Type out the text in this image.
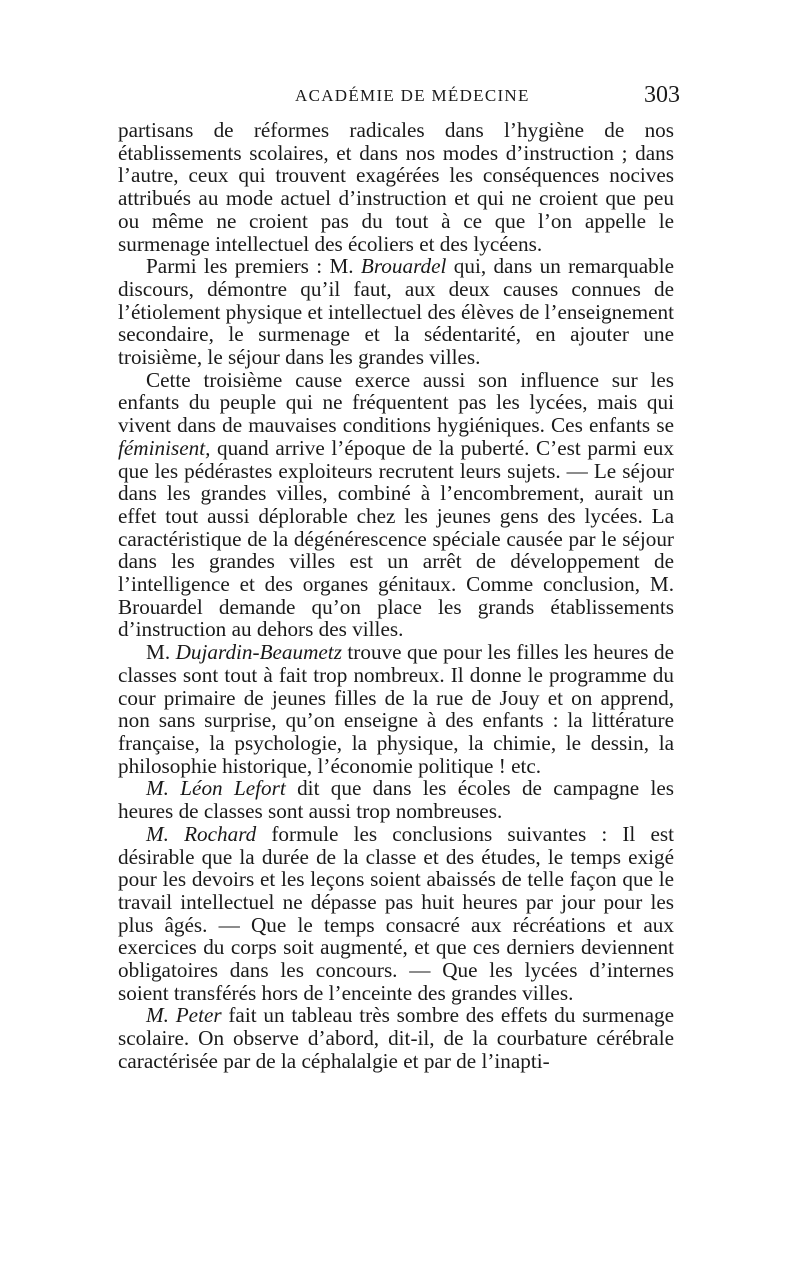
ACADÉMIE DE MÉDECINE	303

partisans de réformes radicales dans l’hygiène de nos établissements scolaires, et dans nos modes d’instruction ; dans l’autre, ceux qui trouvent exagérées les conséquences nocives attribués au mode actuel d’instruction et qui ne croient que peu ou même ne croient pas du tout à ce que l’on appelle le surmenage intellectuel des écoliers et des lycéens.

Parmi les premiers : M. Brouardel qui, dans un remarquable discours, démontre qu’il faut, aux deux causes connues de l’étiolement physique et intellectuel des élèves de l’enseignement secondaire, le surmenage et la sédentarité, en ajouter une troisième, le séjour dans les grandes villes.

Cette troisième cause exerce aussi son influence sur les enfants du peuple qui ne fréquentent pas les lycées, mais qui vivent dans de mauvaises conditions hygiéniques. Ces enfants se féminisent, quand arrive l’époque de la puberté. C’est parmi eux que les pédérastes exploiteurs recrutent leurs sujets. — Le séjour dans les grandes villes, combiné à l’encombrement, aurait un effet tout aussi déplorable chez les jeunes gens des lycées. La caractéristique de la dégénérescence spéciale causée par le séjour dans les grandes villes est un arrêt de développement de l’intelligence et des organes génitaux. Comme conclusion, M. Brouardel demande qu’on place les grands établissements d’instruction au dehors des villes.

M. Dujardin-Beaumetz trouve que pour les filles les heures de classes sont tout à fait trop nombreux. Il donne le programme du cour primaire de jeunes filles de la rue de Jouy et on apprend, non sans surprise, qu’on enseigne à des enfants : la littérature française, la psychologie, la physique, la chimie, le dessin, la philosophie historique, l’économie politique ! etc.

M. Léon Lefort dit que dans les écoles de campagne les heures de classes sont aussi trop nombreuses.

M. Rochard formule les conclusions suivantes : Il est désirable que la durée de la classe et des études, le temps exigé pour les devoirs et les leçons soient abaissés de telle façon que le travail intellectuel ne dépasse pas huit heures par jour pour les plus âgés. — Que le temps consacré aux récréations et aux exercices du corps soit augmenté, et que ces derniers deviennent obligatoires dans les concours. — Que les lycées d’internes soient transférés hors de l’enceinte des grandes villes.

M. Peter fait un tableau très sombre des effets du surmenage scolaire. On observe d’abord, dit-il, de la courbature cérébrale caractérisée par de la céphalalgie et par de l’inapti-
